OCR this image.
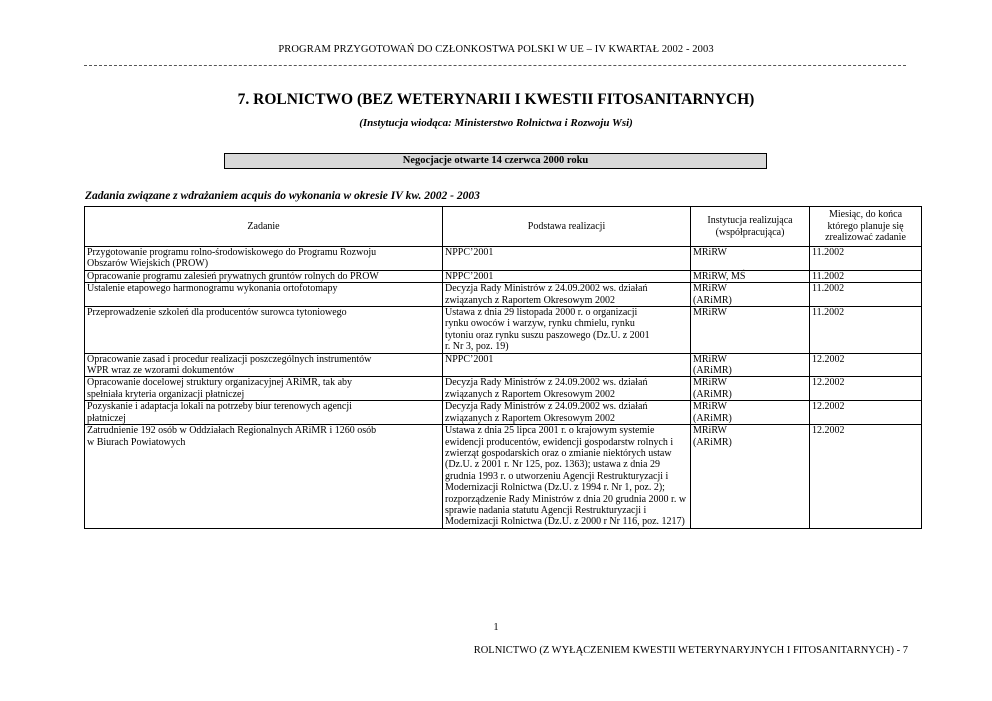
PROGRAM PRZYGOTOWAŃ DO CZŁONKOSTWA POLSKI W UE – IV KWARTAŁ 2002 - 2003
7. ROLNICTWO (BEZ WETERYNARII I KWESTII FITOSANITARNYCH)
(Instytucja wiodąca: Ministerstwo Rolnictwa i Rozwoju Wsi)
Negocjacje otwarte 14 czerwca 2000 roku
Zadania związane z wdrażaniem acquis do wykonania w okresie IV kw. 2002 - 2003
Zadanie	Podstawa realizacji	Instytucja realizująca
(współpracująca)	Miesiąc, do końca
którego planuje się
zrealizować zadanie

Przygotowanie programu rolno-środowiskowego do Programu Rozwoju
Obszarów Wiejskich (PROW)	NPPC’2001	MRiRW	11.2002

Opracowanie programu zalesień prywatnych gruntów rolnych do PROW	NPPC’2001	MRiRW, MŚ	11.2002

Ustalenie etapowego harmonogramu wykonania ortofotomapy	Decyzja Rady Ministrów z 24.09.2002 ws. działań
związanych z Raportem Okresowym 2002	MRiRW
(ARiMR)	11.2002

Przeprowadzenie szkoleń dla producentów surowca tytoniowego	Ustawa z dnia 29 listopada 2000 r. o organizacji
rynku owoców i warzyw, rynku chmielu, rynku
tytoniu oraz rynku suszu paszowego (Dz.U. z 2001
r. Nr 3, poz. 19)	MRiRW	11.2002

Opracowanie zasad i procedur realizacji poszczególnych instrumentów
WPR wraz ze wzorami dokumentów	NPPC’2001	MRiRW
(ARiMR)	12.2002

Opracowanie docelowej struktury organizacyjnej ARiMR, tak aby
spełniała kryteria organizacji płatniczej	Decyzja Rady Ministrów z 24.09.2002 ws. działań
związanych z Raportem Okresowym 2002	MRiRW
(ARiMR)	12.2002

Pozyskanie i adaptacja lokali na potrzeby biur terenowych agencji
płatniczej	Decyzja Rady Ministrów z 24.09.2002 ws. działań
związanych z Raportem Okresowym 2002	MRiRW
(ARiMR)	12.2002

Zatrudnienie 192 osób w Oddziałach Regionalnych ARiMR i 1260 osób
w Biurach Powiatowych	Ustawa z dnia 25 lipca 2001 r. o krajowym systemie ewidencji producentów, ewidencji gospodarstw rolnych i zwierząt gospodarskich oraz o zmianie niektórych ustaw (Dz.U. z 2001 r. Nr 125, poz. 1363); ustawa z dnia 29 grudnia 1993 r. o utworzeniu Agencji Restrukturyzacji i Modernizacji Rolnictwa (Dz.U. z 1994 r. Nr 1, poz. 2); rozporządzenie Rady Ministrów z dnia 20 grudnia 2000 r. w sprawie nadania statutu Agencji Restrukturyzacji i Modernizacji Rolnictwa (Dz.U. z 2000 r Nr 116, poz. 1217)	MRiRW
(ARiMR)	12.2002
1
ROLNICTWO (Z WYŁĄCZENIEM KWESTII WETERYNARYJNYCH I FITOSANITARNYCH) - 7
